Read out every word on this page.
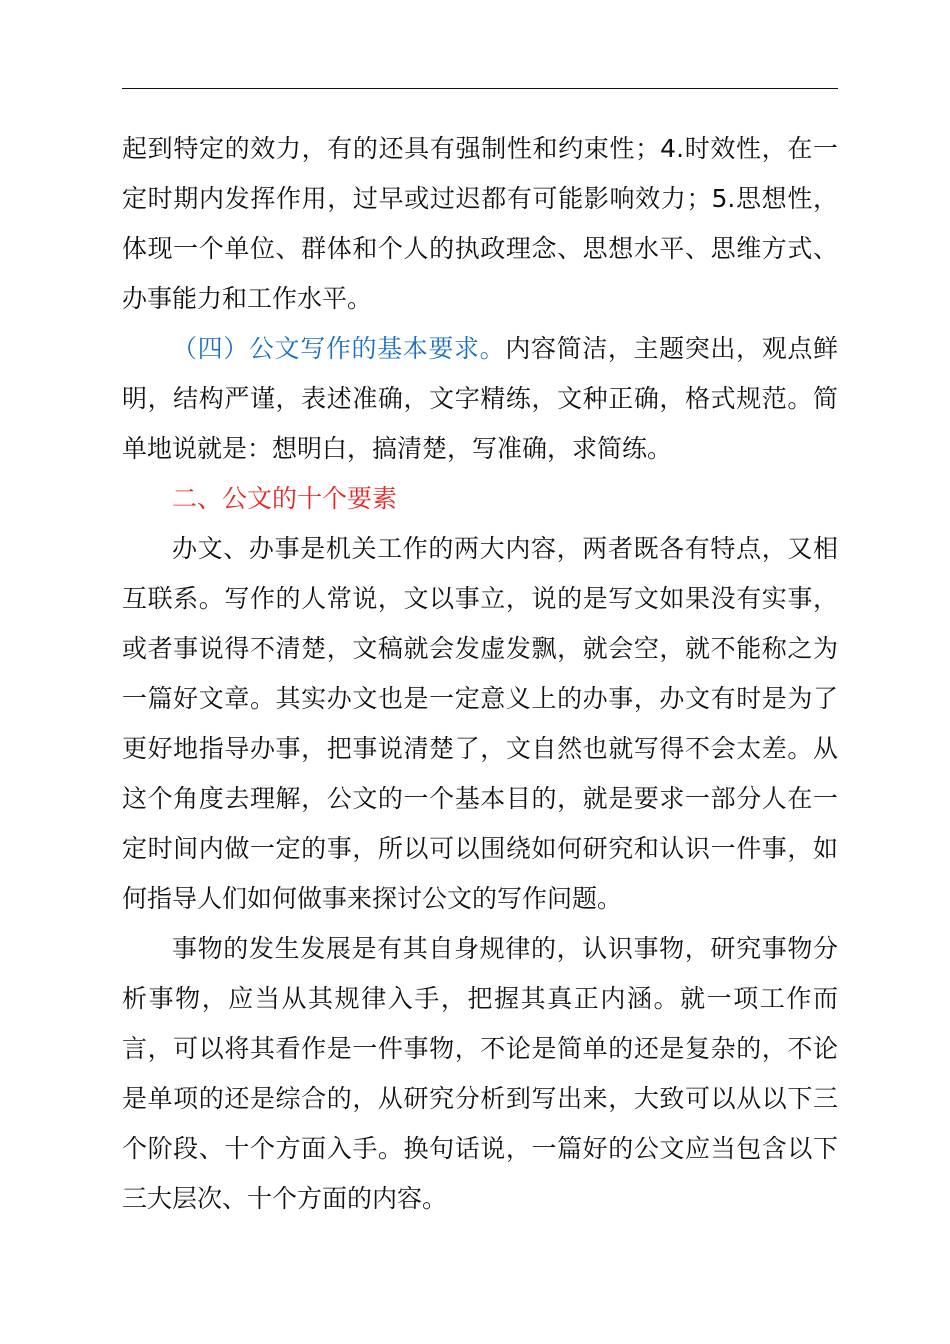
起到特定的效力，有的还具有强制性和约束性；4.时效性，在一定时期内发挥作用，过早或过迟都有可能影响效力；5.思想性，体现一个单位、群体和个人的执政理念、思想水平、思维方式、办事能力和工作水平。

（四）公文写作的基本要求。内容简洁，主题突出，观点鲜明，结构严谨，表述准确，文字精练，文种正确，格式规范。简单地说就是：想明白，搞清楚，写准确，求简练。

二、公文的十个要素

办文、办事是机关工作的两大内容，两者既各有特点，又相互联系。写作的人常说，文以事立，说的是写文如果没有实事，或者事说得不清楚，文稿就会发虚发飘，就会空，就不能称之为一篇好文章。其实办文也是一定意义上的办事，办文有时是为了更好地指导办事，把事说清楚了，文自然也就写得不会太差。从这个角度去理解，公文的一个基本目的，就是要求一部分人在一定时间内做一定的事，所以可以围绕如何研究和认识一件事，如何指导人们如何做事来探讨公文的写作问题。

事物的发生发展是有其自身规律的，认识事物，研究事物分析事物，应当从其规律入手，把握其真正内涵。就一项工作而言，可以将其看作是一件事物，不论是简单的还是复杂的，不论是单项的还是综合的，从研究分析到写出来，大致可以从以下三个阶段、十个方面入手。换句话说，一篇好的公文应当包含以下三大层次、十个方面的内容。
